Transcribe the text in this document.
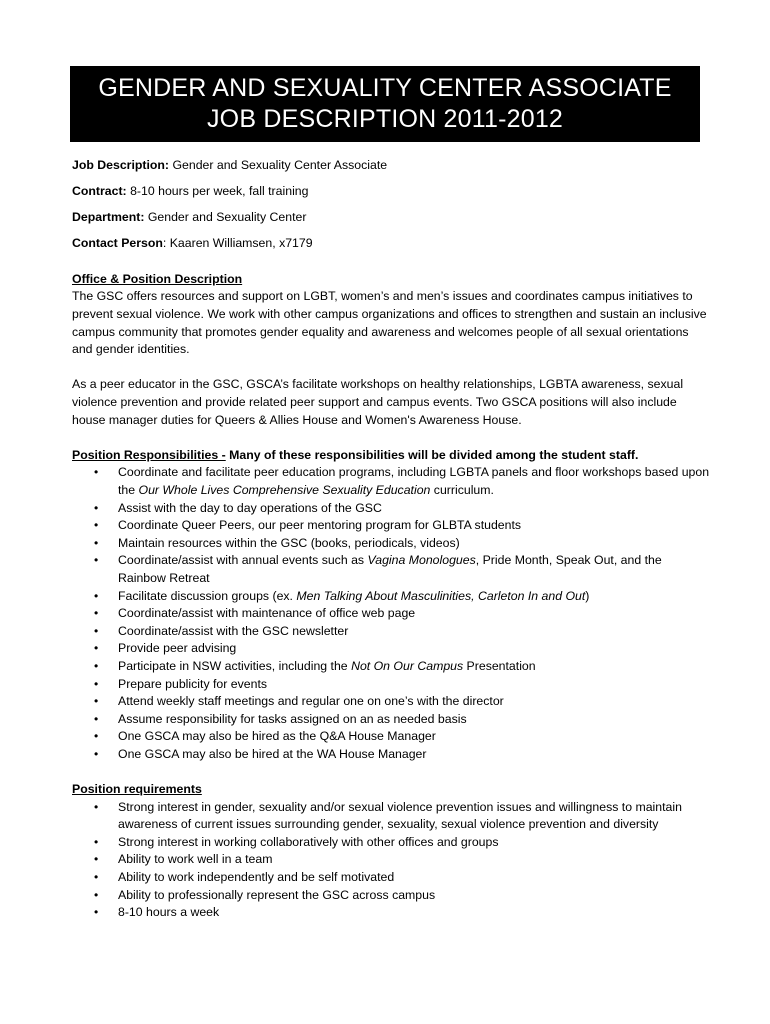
GENDER AND SEXUALITY CENTER ASSOCIATE
JOB DESCRIPTION 2011-2012
Job Description: Gender and Sexuality Center Associate
Contract: 8-10 hours per week, fall training
Department: Gender and Sexuality Center
Contact Person: Kaaren Williamsen, x7179
Office & Position Description

The GSC offers resources and support on LGBT, women’s and men’s issues and coordinates campus initiatives to prevent sexual violence. We work with other campus organizations and offices to strengthen and sustain an inclusive campus community that promotes gender equality and awareness and welcomes people of all sexual orientations and gender identities.

As a peer educator in the GSC, GSCA’s facilitate workshops on healthy relationships, LGBTA awareness, sexual violence prevention and provide related peer support and campus events. Two GSCA positions will also include house manager duties for Queers & Allies House and Women's Awareness House.

Position Responsibilities - Many of these responsibilities will be divided among the student staff.
• Coordinate and facilitate peer education programs, including LGBTA panels and floor workshops based upon the Our Whole Lives Comprehensive Sexuality Education curriculum.
• Assist with the day to day operations of the GSC
• Coordinate Queer Peers, our peer mentoring program for GLBTA students
• Maintain resources within the GSC (books, periodicals, videos)
• Coordinate/assist with annual events such as Vagina Monologues, Pride Month, Speak Out, and the Rainbow Retreat
• Facilitate discussion groups (ex. Men Talking About Masculinities, Carleton In and Out)
• Coordinate/assist with maintenance of office web page
• Coordinate/assist with the GSC newsletter
• Provide peer advising
• Participate in NSW activities, including the Not On Our Campus Presentation
• Prepare publicity for events
• Attend weekly staff meetings and regular one on one’s with the director
• Assume responsibility for tasks assigned on an as needed basis
• One GSCA may also be hired as the Q&A House Manager
• One GSCA may also be hired at the WA House Manager
Position requirements
• Strong interest in gender, sexuality and/or sexual violence prevention issues and willingness to maintain awareness of current issues surrounding gender, sexuality, sexual violence prevention and diversity
• Strong interest in working collaboratively with other offices and groups
• Ability to work well in a team
• Ability to work independently and be self motivated
• Ability to professionally represent the GSC across campus
• 8-10 hours a week
